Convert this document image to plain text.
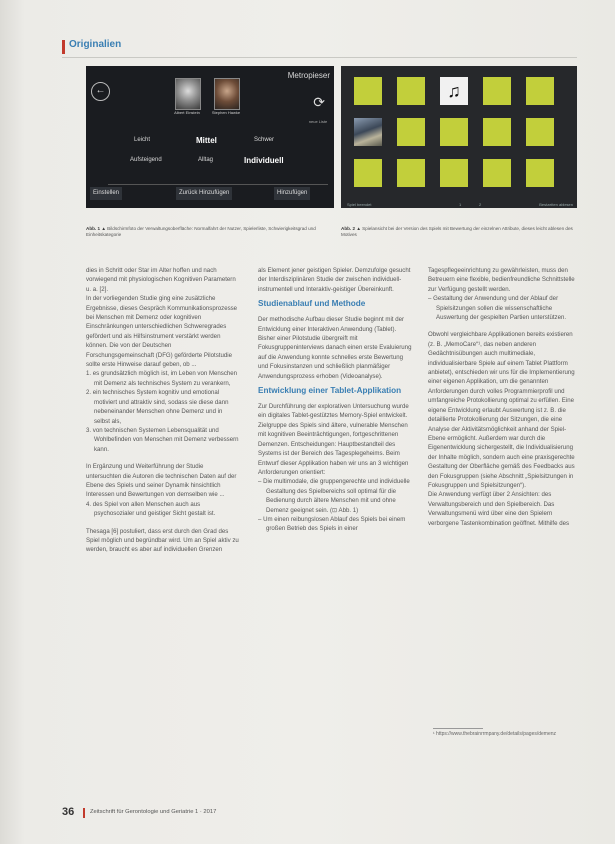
Originalien
Metropieser
←
Albert Einstein	Stephen Hawke
⟳
neue Liste
Leicht	Mittel	Schwer
Aufsteigend	Alltag	Individuell
Einstellen	Zurück Hinzufügen	Hinzufügen
♫
Spiel beendet	1	2	Bestzeiten ablesen
Abb. 1 ▲ Bildschirmfoto der Verwaltungsoberfläche: Normalfahrt der Nutzer, Spielerliste, Schwierigkeitsgrad und Einheitskategorie
Abb. 2 ▲ Spielansicht bei der Version des Spiels mit Bewertung der einzelnen Attribute, dieses leicht ablesen des Motives

dies in Schritt oder Star im Alter hoffen und nach vorwiegend mit physiologischen Kognitiven Parametern u. a. [2].

In der vorliegenden Studie ging eine zusätzliche Ergebnisse, dieses Gespräch Kommunikationsprozesse bei Menschen mit Demenz oder kognitiven Einschränkungen unterschiedlichen Schweregrades gefördert und als Hilfsinstrument verstärkt werden können. Die von der Deutschen Forschungsgemeinschaft (DFG) geförderte Pilotstudie sollte erste Hinweise darauf geben, ob ...

1. es grundsätzlich möglich ist, im Leben von Menschen mit Demenz als technisches System zu verankern,

2. ein technisches System kognitiv und emotional motiviert und attraktiv sind, sodass sie diese dann nebeneinander Menschen ohne Demenz und in selbst als,

3. von technischen Systemen Lebensqualität und Wohlbefinden von Menschen mit Demenz verbessern kann.

In Ergänzung und Weiterführung der Studie untersuchten die Autoren die technischen Daten auf der Ebene des Spiels und seiner Dynamik hinsichtlich Interessen und Bewertungen von demselben wie ...

4. des Spiel von allen Menschen auch aus psychosozialer und geistiger Sicht gestalt ist.

Thesaga [6] postuliert, dass erst durch den Grad des Spiel möglich und begründbar wird. Um an Spiel aktiv zu werden, braucht es aber auf individuellen Grenzen

als Element jener geistigen Spieler. Demzufolge gesucht der Interdisziplinären Studie der zwischen individuell-instrumentell und Interaktiv-geistiger Übereinkunft.

Studienablauf und Methode

Der methodische Aufbau dieser Studie beginnt mit der Entwicklung einer Interaktiven Anwendung (Tablet). Bisher einer Pilotstudie übergreift mit Fokusgruppeninterviews danach einen erste Evaluierung auf die Anwendung konnte schnelles erste Bewertung und Fokusinstanzen und schließlich planmäßiger Anwendungsprozess erhoben (Videoanalyse).

Entwicklung einer Tablet-Applikation

Zur Durchführung der explorativen Untersuchung wurde ein digitales Tablet-gestütztes Memory-Spiel entwickelt. Zielgruppe des Spiels sind ältere, vulnerable Menschen mit kognitiven Beeinträchtigungen, fortgeschrittenen Demenzen. Entscheidungen: Hauptbestandteil des Systems ist der Bereich des Tagesplegeheims. Beim Entwurf dieser Applikation haben wir uns an 3 wichtigen Anforderungen orientiert:

– Die multimodale, die gruppengerechte und individuelle Gestaltung des Spielbereichs soll optimal für die Bedienung durch ältere Menschen mit und ohne Demenz geeignet sein. (⊡ Abb. 1)

– Um einen reibungslosen Ablauf des Spiels bei einem großen Betrieb des Spiels in einer

Tagespflegeeinrichtung zu gewährleisten, muss den Betreuern eine flexible, bedienfreundliche Schnittstelle zur Verfügung gestellt werden.

– Gestaltung der Anwendung und der Ablauf der Spielsitzungen sollen die wissenschaftliche Auswertung der gespielten Partien unterstützen.

Obwohl vergleichbare Applikationen bereits existieren (z. B. „MemoCare“¹, das neben anderen Gedächtnisübungen auch multimediale, individualisierbare Spiele auf einem Tablet Plattform anbietet), entschieden wir uns für die Implementierung einer eigenen Applikation, um die genannten Anforderungen durch volles Programmierprofil und umfangreiche Protokollierung optimal zu erfüllen. Eine eigene Entwicklung erlaubt Auswertung ist z. B. die detaillierte Protokollierung der Sitzungen, die eine Analyse der Aktivitätsmöglichkeit anhand der Spiel-Ebene ermöglicht. Außerdem war durch die Eigenentwicklung sichergestellt, die Individualisierung der Inhalte möglich, sondern auch eine praxisgerechte Gestaltung der Oberfläche gemäß des Feedbacks aus den Fokusgruppen (siehe Abschnitt „Spielsitzungen in Fokusgruppen und Spielsitzungen“).

Die Anwendung verfügt über 2 Ansichten: des Verwaltungsbereich und den Spielbereich. Das Verwaltungsmenü wird über eine den Spielern verborgene Tastenkombination geöffnet. Mithilfe des

¹ https://www.thebrainrrmpany.de/details/pages/demenz
36	Zeitschrift für Gerontologie und Geriatrie 1 · 2017
